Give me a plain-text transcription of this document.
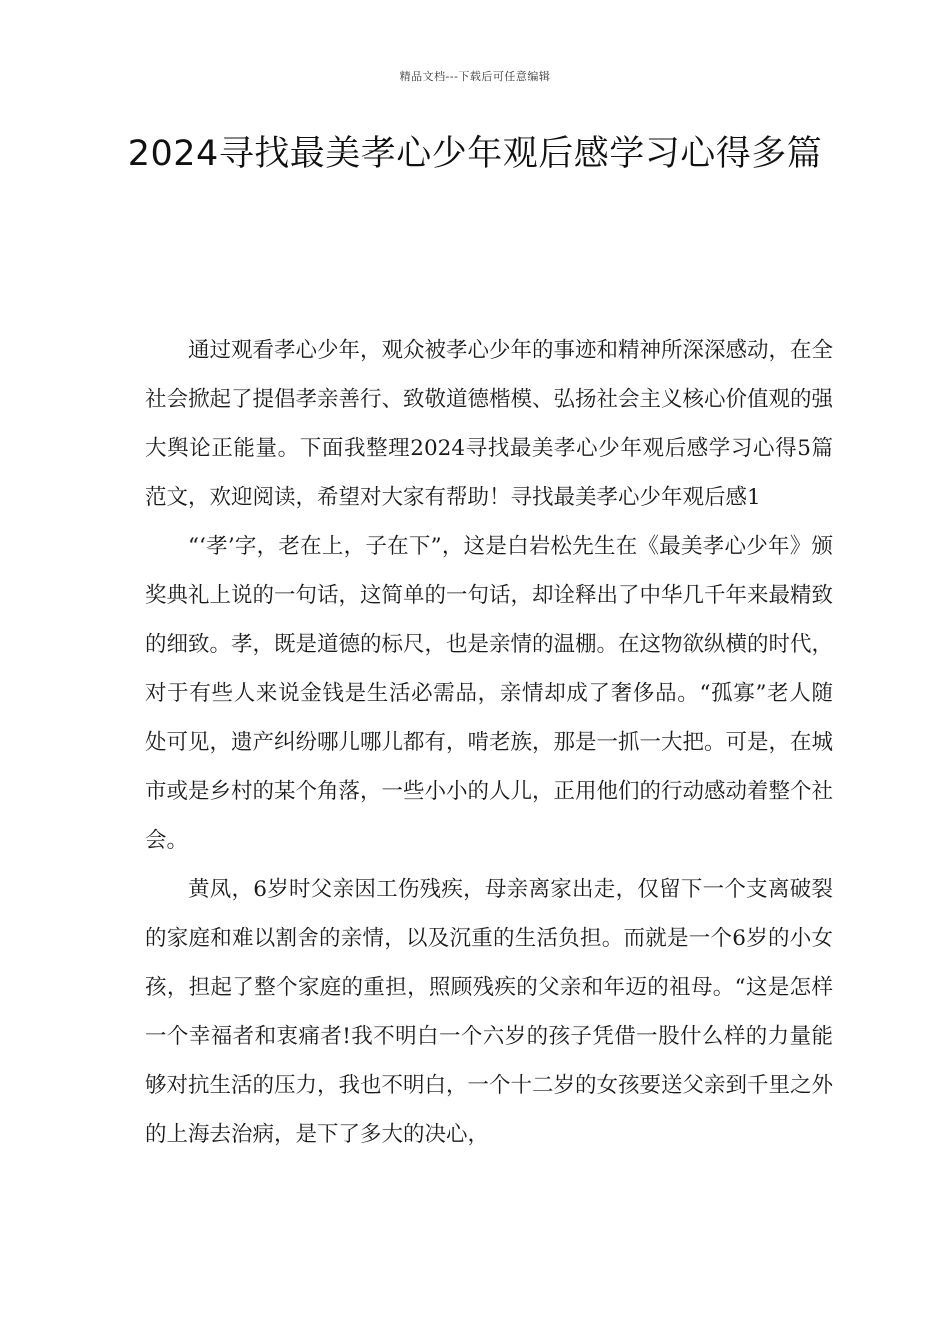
精品文档---下载后可任意编辑
2024寻找最美孝心少年观后感学习心得多篇

通过观看孝心少年，观众被孝心少年的事迹和精神所深深感动，在全社会掀起了提倡孝亲善行、致敬道德楷模、弘扬社会主义核心价值观的强大舆论正能量。下面我整理2024寻找最美孝心少年观后感学习心得5篇范文，欢迎阅读，希望对大家有帮助！寻找最美孝心少年观后感1

“‘孝’字，老在上，子在下”，这是白岩松先生在《最美孝心少年》颁奖典礼上说的一句话，这简单的一句话，却诠释出了中华几千年来最精致的细致。孝，既是道德的标尺，也是亲情的温棚。在这物欲纵横的时代，对于有些人来说金钱是生活必需品，亲情却成了奢侈品。“孤寡”老人随处可见，遗产纠纷哪儿哪儿都有，啃老族，那是一抓一大把。可是，在城市或是乡村的某个角落，一些小小的人儿，正用他们的行动感动着整个社会。

黄凤，6岁时父亲因工伤残疾，母亲离家出走，仅留下一个支离破裂的家庭和难以割舍的亲情，以及沉重的生活负担。而就是一个6岁的小女孩，担起了整个家庭的重担，照顾残疾的父亲和年迈的祖母。“这是怎样一个幸福者和衷痛者!我不明白一个六岁的孩子凭借一股什么样的力量能够对抗生活的压力，我也不明白，一个十二岁的女孩要送父亲到千里之外的上海去治病，是下了多大的决心，
